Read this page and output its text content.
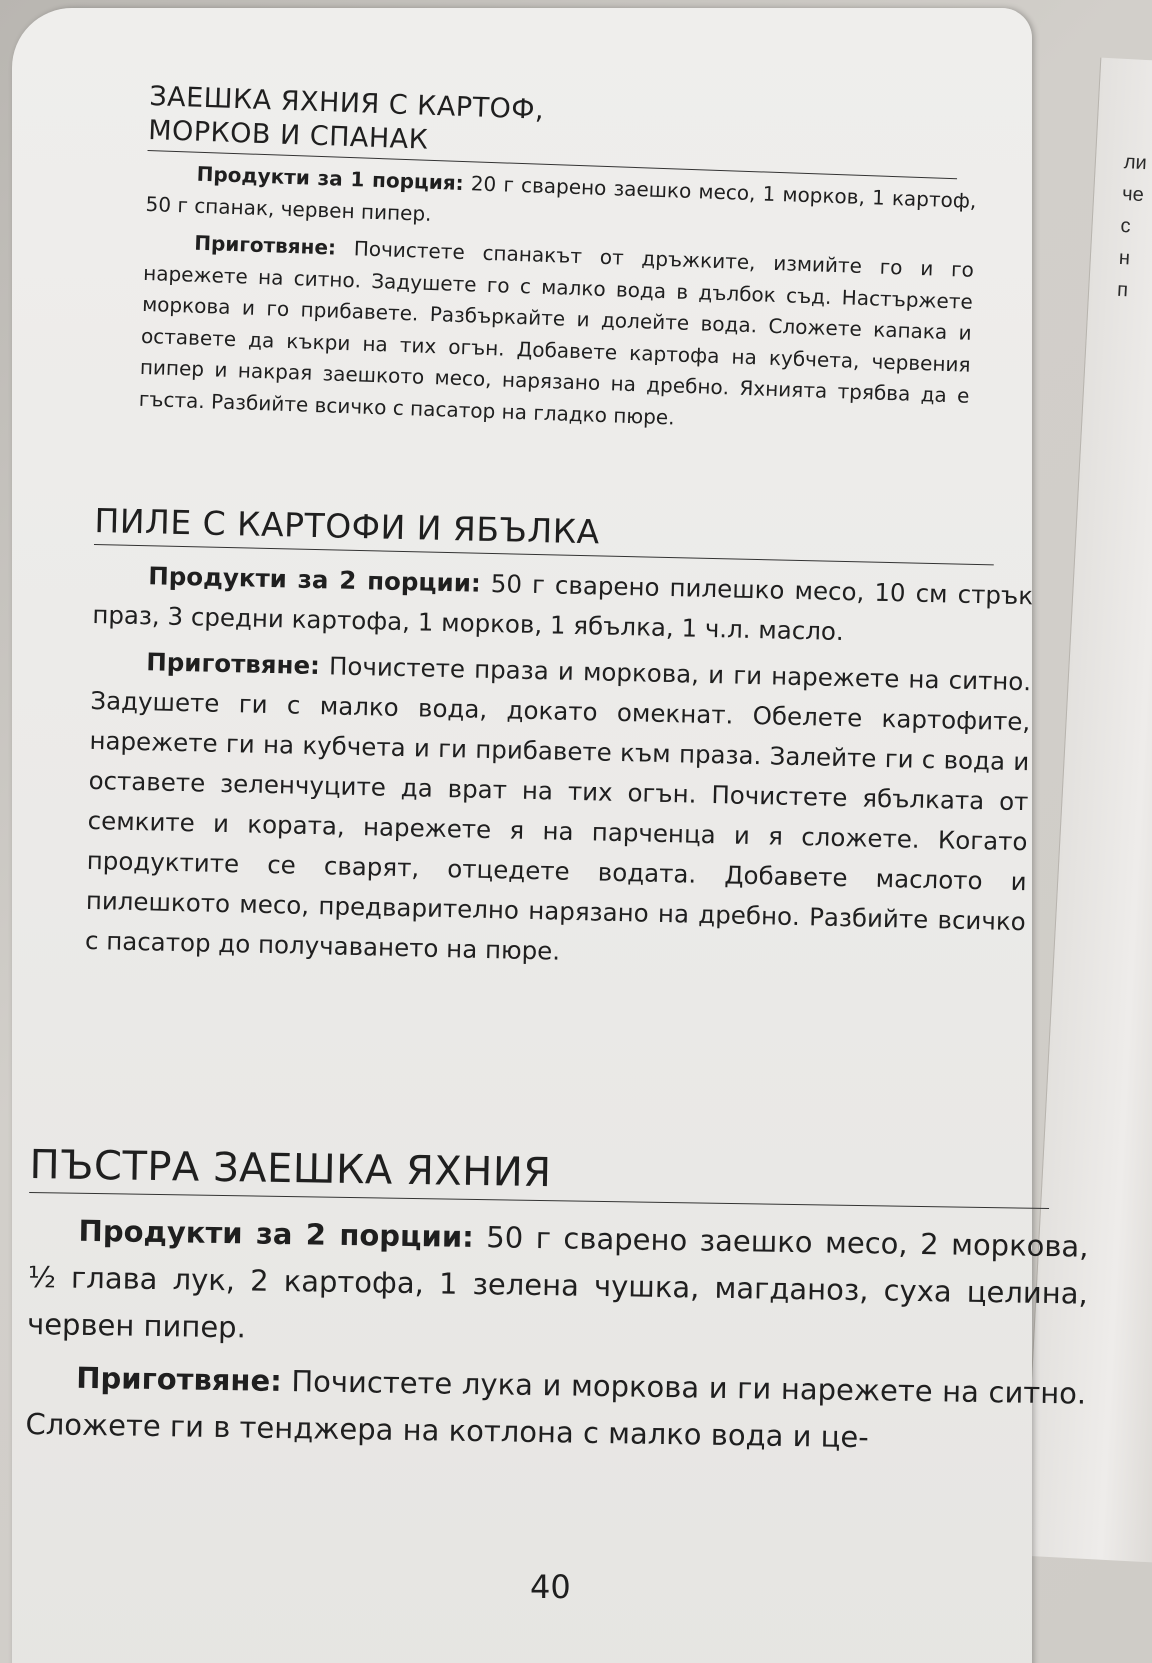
ли
че
с
н
п
ЗАЕШКА ЯХНИЯ С КАРТОФ,
МОРКОВ И СПАНАК

Продукти за 1 порция: 20 г сварено заешко месо, 1 морков, 1 картоф, 50 г спанак, червен пипер.

Приготвяне: Почистете спанакът от дръжките, измийте го и го нарежете на ситно. Задушете го с малко вода в дълбок съд. Настържете моркова и го прибавете. Разбъркайте и долейте вода. Сложете капака и оставете да къкри на тих огън. Добавете картофа на кубчета, червения пипер и накрая заешкото месо, нарязано на дребно. Яхнията трябва да е гъста. Разбийте всичко с пасатор на гладко пюре.

ПИЛЕ С КАРТОФИ И ЯБЪЛКА

Продукти за 2 порции: 50 г сварено пилешко месо, 10 см стрък праз, 3 средни картофа, 1 морков, 1 ябълка, 1 ч.л. масло.

Приготвяне: Почистете праза и моркова, и ги нарежете на ситно. Задушете ги с малко вода, докато омекнат. Обелете картофите, нарежете ги на кубчета и ги прибавете към праза. Залейте ги с вода и оставете зеленчуците да врат на тих огън. Почистете ябълката от семките и кората, нарежете я на парченца и я сложете. Когато продуктите се сварят, отцедете водата. Добавете маслото и пилешкото месо, предварително нарязано на дребно. Разбийте всичко с пасатор до получаването на пюре.

ПЪСТРА ЗАЕШКА ЯХНИЯ

Продукти за 2 порции: 50 г сварено заешко месо, 2 моркова, ½ глава лук, 2 картофа, 1 зелена чушка, магданоз, суха целина, червен пипер.

Приготвяне: Почистете лука и моркова и ги нарежете на ситно. Сложете ги в тенджера на котлона с малко вода и це-

40
